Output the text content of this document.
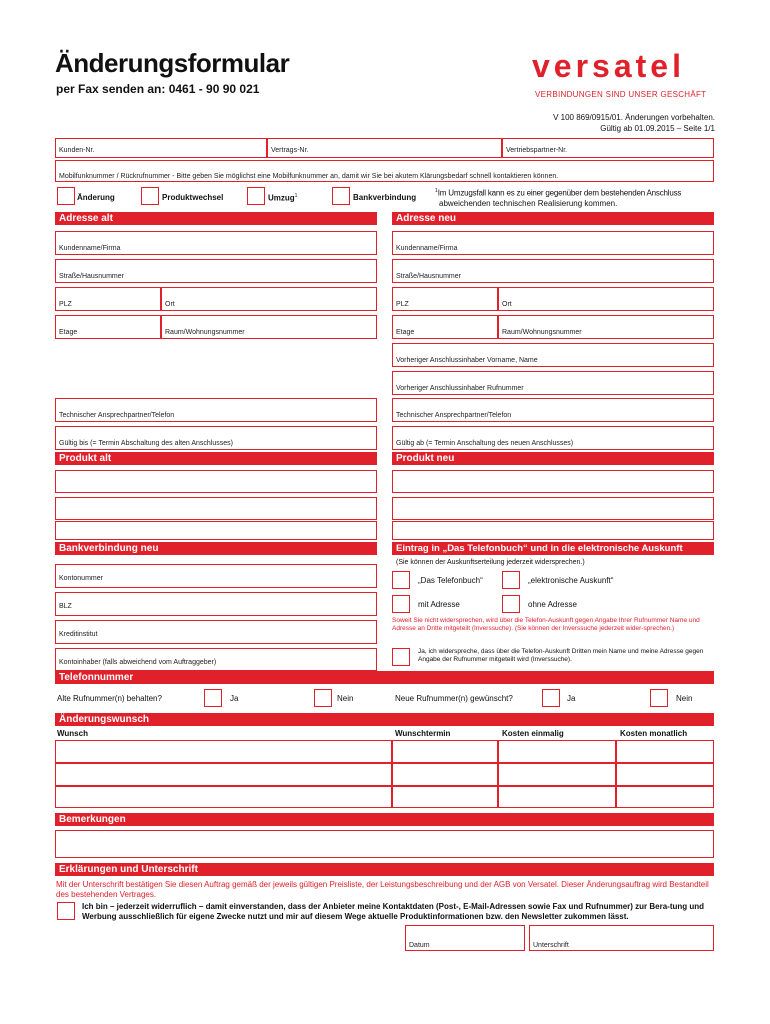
Änderungsformular
per Fax senden an: 0461 - 90 90 021
versatel
VERBINDUNGEN SIND UNSER GESCHÄFT
V 100 869/0915/01. Änderungen vorbehalten.
Gültig ab 01.09.2015 – Seite 1/1
Kunden-Nr.	Vertrags-Nr.	Vertriebspartner-Nr.
Mobilfunknummer / Rückrufnummer - Bitte geben Sie möglichst eine Mobilfunknummer an, damit wir Sie bei akutem Klärungsbedarf schnell kontaktieren können.
Änderung	Produktwechsel	Umzug$^1$	Bankverbindung
$^1$Im Umzugsfall kann es zu einer gegenüber dem bestehenden Anschluss
abweichenden technischen Realisierung kommen.
Adresse alt	Adresse neu
Kundenname/Firma
Straße/Hausnummer
PLZ	Ort
Etage	Raum/Wohnungsnummer
Technischer Ansprechpartner/Telefon
Gültig bis (= Termin Abschaltung des alten Anschlusses)
Kundenname/Firma
Straße/Hausnummer
PLZ	Ort
Etage	Raum/Wohnungsnummer
Vorheriger Anschlussinhaber Vorname, Name
Vorheriger Anschlussinhaber Rufnummer
Technischer Ansprechpartner/Telefon
Gültig ab (= Termin Anschaltung des neuen Anschlusses)
Produkt alt	Produkt neu
Bankverbindung neu
Kontonummer
BLZ
Kreditinstitut
Kontoinhaber (falls abweichend vom Auftraggeber)
Eintrag in „Das Telefonbuch“ und in die elektronische Auskunft
(Sie können der Auskunftserteilung jederzeit widersprechen.)
„Das Telefonbuch“	„elektronische Auskunft“
mit Adresse	ohne Adresse
Soweit Sie nicht widersprechen, wird über die Telefon-Auskunft gegen Angabe Ihrer Rufnummer Name und Adresse an Dritte mitgeteilt (Inverssuche). (Sie können der Inverssuche jederzeit wider-sprechen.)
Ja, ich widerspreche, dass über die Telefon-Auskunft Dritten mein Name und meine Adresse gegen Angabe der Rufnummer mitgeteilt wird (Inverssuche).
Telefonnummer
Alte Rufnummer(n) behalten?	Ja	Nein	Neue Rufnummer(n) gewünscht?	Ja	Nein
Änderungswunsch
Wunsch	Wunschtermin	Kosten einmalig	Kosten monatlich
Bemerkungen
Erklärungen und Unterschrift
Mit der Unterschrift bestätigen Sie diesen Auftrag gemäß der jeweils gültigen Preisliste, der Leistungsbeschreibung und der AGB von Versatel. Dieser Änderungsauftrag wird Bestandteil des bestehenden Vertrages.
Ich bin – jederzeit widerruflich – damit einverstanden, dass der Anbieter meine Kontaktdaten (Post-, E-Mail-Adressen sowie Fax und Rufnummer) zur Bera-tung und Werbung ausschließlich für eigene Zwecke nutzt und mir auf diesem Wege aktuelle Produktinformationen bzw. den Newsletter zukommen lässt.
Datum	Unterschrift
